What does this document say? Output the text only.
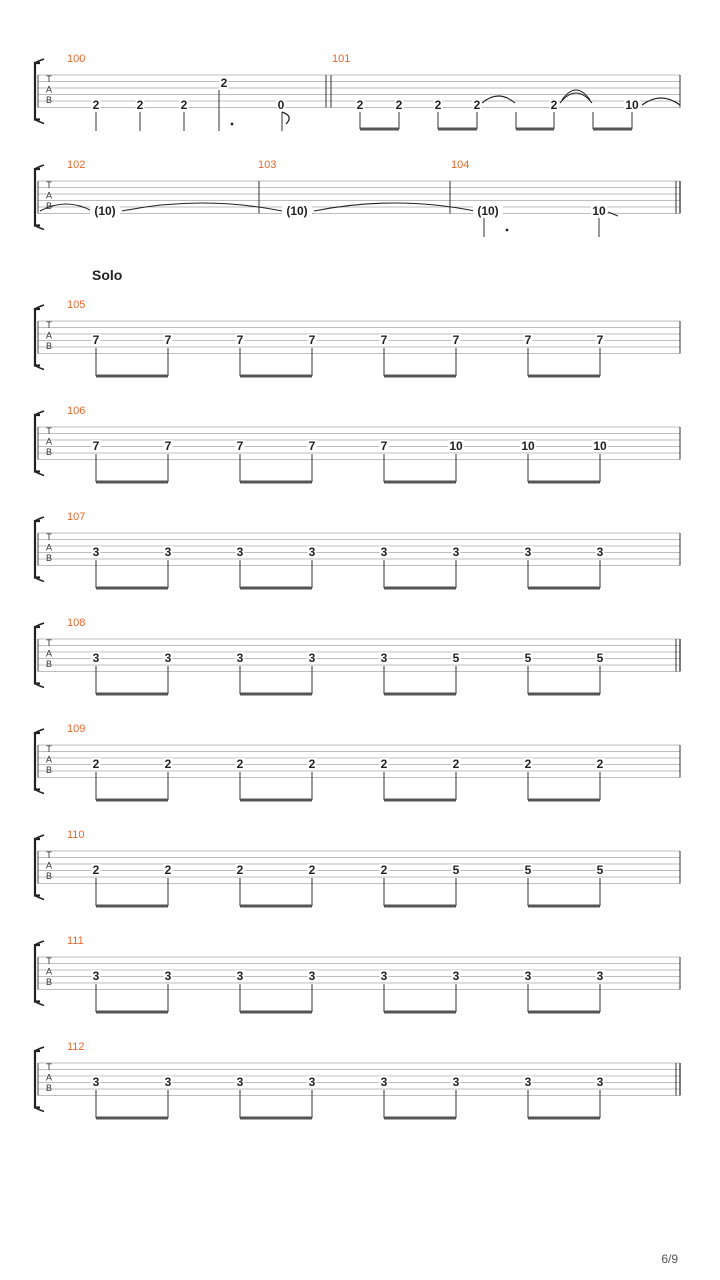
T
A
B
100	101
2	2	2
2
0	2	2	2	2	2	10
T
A
B
102	103	104
(10)	(10)	(10)	10
T
A
B
105
7	7	7	7	7	7	7	7
T
A
B
106
7	7	7	7	7	10	10	10
T
A
B
107
3	3	3	3	3	3	3	3
T
A
B
108
3	3	3	3	3	5	5	5
T
A
B
109
2	2	2	2	2	2	2	2
T
A
B
110
2	2	2	2	2	5	5	5
T
A
B
111
3	3	3	3	3	3	3	3
T
A
B
112
3	3	3	3	3	3	3	3
Solo
6/9
